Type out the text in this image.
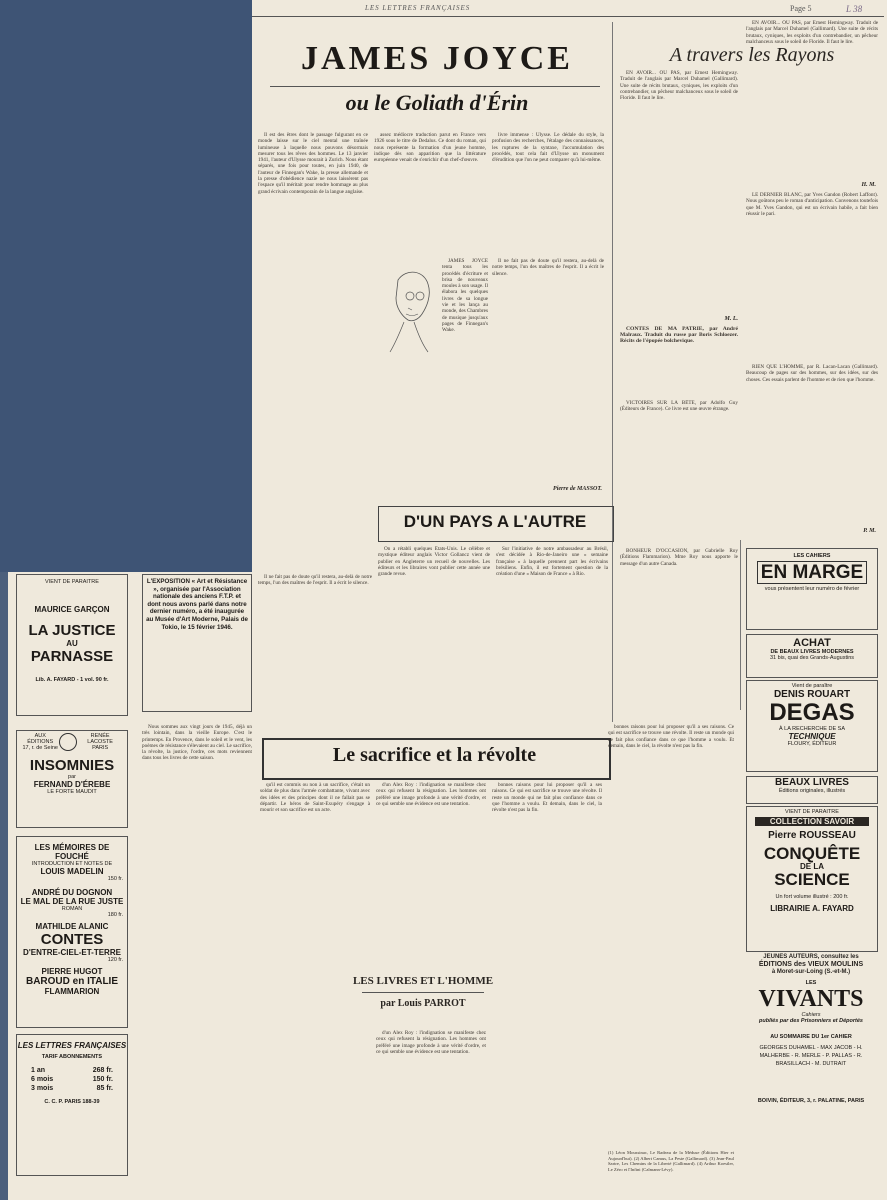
LES LETTRES FRANÇAISES	Page 5	L 38
JAMES JOYCE
ou le Goliath d'Érin

Il est des êtres dont le passage fulgurant en ce monde laisse sur le ciel mental une traînée lumineuse à laquelle nous pouvons désormais mesurer tous les rêves des hommes. Le 13 janvier 1941, l'auteur d'Ulysse mourait à Zurich. Nous étant séparés, une fois pour toutes, en juin 1940, de l'auteur de Finnegan's Wake, la presse allemande et la presse d'obédience nazie ne nous laissèrent pas l'espace qu'il méritait pour rendre hommage au plus grand écrivain contemporain de la langue anglaise.

assez médiocre traduction parut en France vers 1926 sous le titre de Dedalus. Ce dont du roman, qui nous représente la formation d'un jeune homme, indique dès son apparition que la littérature européenne venait de s'enrichir d'un chef-d'œuvre.

livre immense : Ulysse. Le dédale du style, la profusion des recherches, l'étalage des connaissances, les ruptures de la syntaxe, l'accumulation des procédés, tout cela fait d'Ulysse un monument d'érudition que l'on ne peut comparer qu'à lui-même.

JAMES JOYCE tenta tous les procédés d'écriture et brisa de nouveaux moules à son usage. Il élabora les quelques livres de sa longue vie et les lança au monde, des Chambres de musique jusqu'aux pages de Finnegan's Wake.

Il ne fait pas de doute qu'il restera, au-delà de notre temps, l'un des maîtres de l'esprit. Il a écrit le silence.

Pierre de MASSOT.
A travers les Rayons

EN AVOIR... OU PAS, par Ernest Hemingway. Traduit de l'anglais par Marcel Duhamel (Gallimard). Une suite de récits brutaux, cyniques, les exploits d'un contrebandier, un pêcheur malchanceux sous le soleil de Floride. Il faut le lire.

M. L.

CONTES DE MA PATRIE, par André Malraux. Traduit du russe par Boris Schloezer. Récits de l'épopée bolchevique.

VICTOIRES SUR LA BÊTE, par Adolfo Guy (Éditeurs de France). Ce livre est une œuvre étrange.

BONHEUR D'OCCASION, par Gabrielle Roy (Éditions Flammarion). Mme Roy nous apporte le message d'un autre Canada.

EN AVOIR... OU PAS, par Ernest Hemingway. Traduit de l'anglais par Marcel Duhamel (Gallimard). Une suite de récits brutaux, cyniques, les exploits d'un contrebandier, un pêcheur malchanceux sous le soleil de Floride. Il faut le lire.

H. M.

LE DERNIER BLANC, par Yves Gandon (Robert Laffont). Nous goûtons peu le roman d'anticipation. Convenons toutefois que M. Yves Gandon, qui est un écrivain habile, a fait bien réussir le pari.

RIEN QUE L'HOMME, par R. Lacan-Lacan (Gallimard). Beaucoup de pages sur des hommes, sur des idées, sur des choses. Ces essais parlent de l'homme et de rien que l'homme.

P. M.
D'UN PAYS A L'AUTRE

On a rétabli quelques États-Unis. Le célèbre et mystique éditeur anglais Victor Gollancz vient de publier en Angleterre un recueil de nouvelles. Les éditeurs et les libraires vont publier cette année une grande revue.

Sur l'initiative de notre ambassadeur au Brésil, s'est décidée à Rio-de-Janeiro une « semaine française » à laquelle prennent part les écrivains brésiliens. Enfin, il est fortement question de la création d'une « Maison de France » à Rio.

Il ne fait pas de doute qu'il restera, au-delà de notre temps, l'un des maîtres de l'esprit. Il a écrit le silence.

L'EXPOSITION « Art et Résistance », organisée par l'Association nationale des anciens F.T.P. et dont nous avons parlé dans notre dernier numéro, a été inaugurée au Musée d'Art Moderne, Palais de Tokio, le 15 février 1946.
VIENT DE PARAITRE
MAURICE GARÇON
LA JUSTICE
AU
PARNASSE
Lib. A. FAYARD - 1 vol. 90 fr.
AUX ÉDITIONS
17, r. de Seine
RENÉE LACOSTE
PARIS
INSOMNIES
par
FERNAND D'ÉREBE
LE FORTE MAUDIT
LES MÉMOIRES DE FOUCHÉ
INTRODUCTION ET NOTES DE
LOUIS MADELIN
150 fr.
ANDRÉ DU DOGNON
LE MAL DE LA RUE JUSTE
ROMAN
180 fr.
MATHILDE ALANIC
CONTES
D'ENTRE-CIEL-ET-TERRE
120 fr.
PIERRE HUGOT
BAROUD en ITALIE
FLAMMARION
LES LETTRES FRANÇAISES
TARIF ABONNEMENTS
1 an	268 fr.
6 mois	150 fr.
3 mois	85 fr.
C. C. P. PARIS 188-39
Le sacrifice et la révolte

Nous sommes aux vingt jours de 1945, déjà un très lointain, dans la vieille Europe. C'est le printemps. En Provence, dans le soleil et le vent, les poèmes de résistance s'élevaient au ciel. Le sacrifice, la révolte, la justice, l'ordre, ces mots reviennent dans tous les livres de cette saison.

qu'il est commis ou non à un sacrifice, c'était un soldat de plus dans l'armée combattante, vivant avec des idées et des principes dont il ne fallait pas se départir. Le héros de Saint-Exupéry s'engage à mourir et son sacrifice est un acte.

d'un Alex Roy : l'indignation se manifeste chez ceux qui refusent la résignation. Les hommes ont préféré une image profonde à une vérité d'ordre, et ce qui semble une évidence est une tentation.

bonnes raisons pour lui proposer qu'il a ses raisons. Ce qui est sacrifice se trouve une révolte. Il reste un monde qui ne fait plus confiance dans ce que l'homme a voulu. Et demain, dans le ciel, la révolte n'est pas la fin.

bonnes raisons pour lui proposer qu'il a ses raisons. Ce qui est sacrifice se trouve une révolte. Il reste un monde qui ne fait plus confiance dans ce que l'homme a voulu. Et demain, dans le ciel, la révolte n'est pas la fin.

LES LIVRES ET L'HOMME
par Louis PARROT

d'un Alex Roy : l'indignation se manifeste chez ceux qui refusent la résignation. Les hommes ont préféré une image profonde à une vérité d'ordre, et ce qui semble une évidence est une tentation.

(1) Léon Moussinac, Le Radeau de la Méduse (Éditions Hier et Aujourd'hui). (2) Albert Camus, La Peste (Gallimard). (3) Jean-Paul Sartre, Les Chemins de la Liberté (Gallimard). (4) Arthur Koestler, Le Zéro et l'Infini (Calmann-Lévy).
LES CAHIERS
EN MARGE
vous présentent leur numéro de février
ACHAT
DE BEAUX LIVRES MODERNES
31 bis, quai des Grands-Augustins
Vient de paraître
DENIS ROUART
DEGAS
À LA RECHERCHE DE SA
TECHNIQUE
FLOURY, ÉDITEUR
BEAUX LIVRES
Éditions originales, illustrés
VIENT DE PARAITRE
COLLECTION SAVOIR
Pierre ROUSSEAU
CONQUÊTE
DE LA
SCIENCE
Un fort volume illustré : 200 fr.
LIBRAIRIE A. FAYARD
JEUNES AUTEURS, consultez les
ÉDITIONS des VIEUX MOULINS
à Moret-sur-Loing (S.-et-M.)
LES
VIVANTS
Cahiers
publiés par des Prisonniers et Déportés
AU SOMMAIRE DU 1er CAHIER
GEORGES DUHAMEL - MAX JACOB - H. MALHERBE - R. MERLE - P. PALLAS - R. BRASILLACH - M. DUTRAIT
BOIVIN, ÉDITEUR, 3, r. PALATINE, PARIS
